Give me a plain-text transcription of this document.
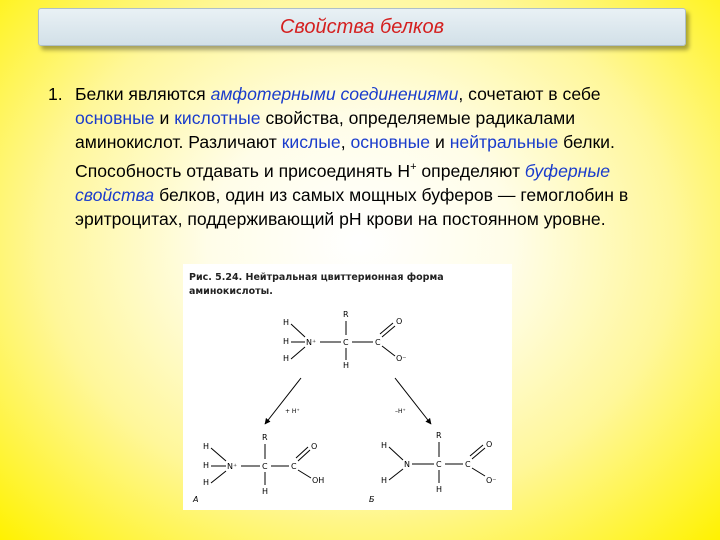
Свойства белков
1. Белки являются амфотерными соединениями, сочетают в себе основные и кислотные свойства, определяемые радикалами аминокислот. Различают кислые, основные и нейтральные белки. Способность отдавать и присоединять Н+ определяют буферные свойства белков, один из самых мощных буферов — гемоглобин в эритроцитах, поддерживающий рН крови на постоянном уровне.
Рис. 5.24. Нейтральная цвиттерионная форма
аминокислоты.
H
H
H
N⁺	C
R
H
C
O
O⁻
+ Н⁺	–Н⁺
H
H
H
N⁺	C
R
H
C
O
OH
А
H
H
N	C
R
H
C
O
O⁻
Б
